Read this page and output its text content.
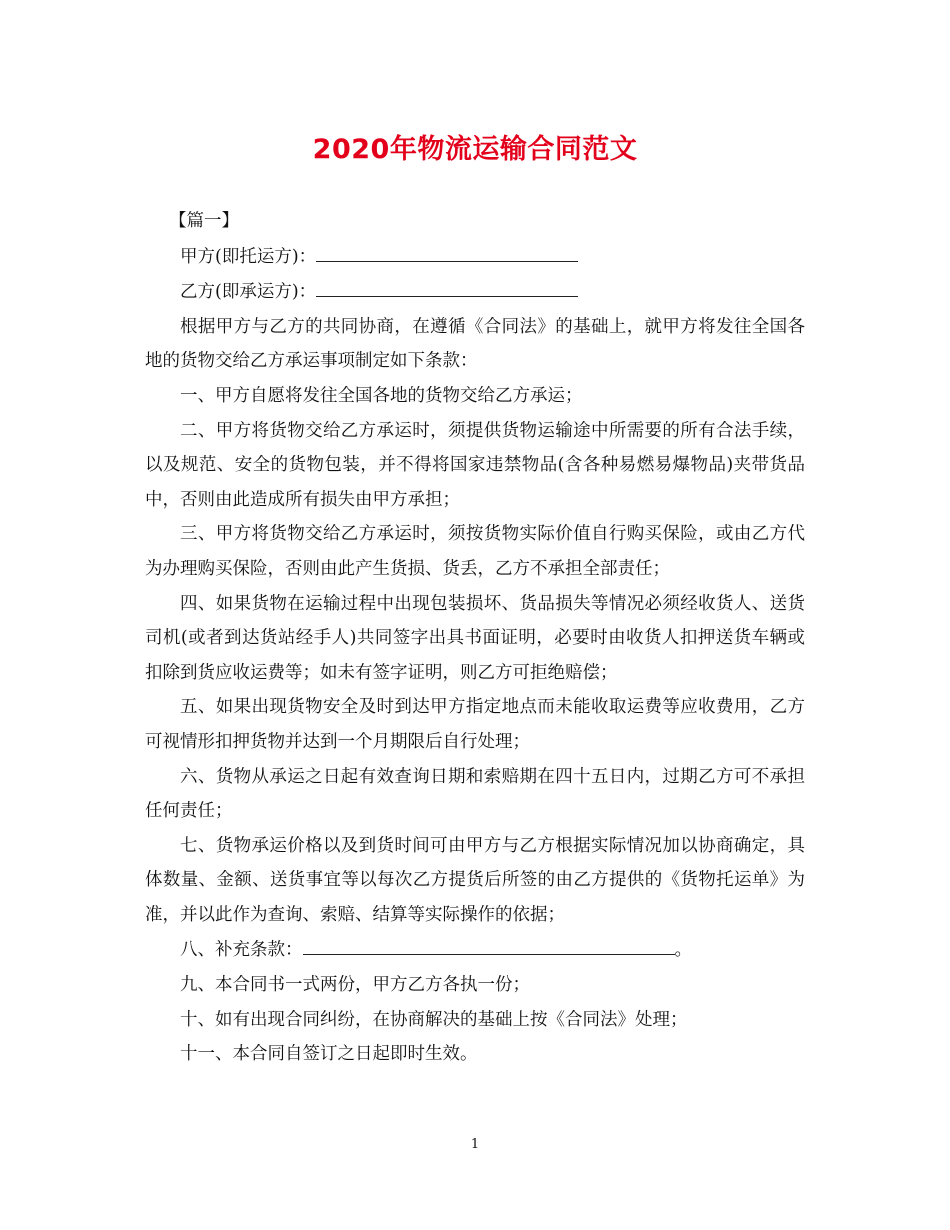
2020年物流运输合同范文

【篇一】

甲方(即托运方)：

乙方(即承运方)：

根据甲方与乙方的共同协商，在遵循《合同法》的基础上，就甲方将发往全国各地的货物交给乙方承运事项制定如下条款：

一、甲方自愿将发往全国各地的货物交给乙方承运；

二、甲方将货物交给乙方承运时，须提供货物运输途中所需要的所有合法手续，以及规范、安全的货物包装，并不得将国家违禁物品(含各种易燃易爆物品)夹带货品中，否则由此造成所有损失由甲方承担；

三、甲方将货物交给乙方承运时，须按货物实际价值自行购买保险，或由乙方代为办理购买保险，否则由此产生货损、货丢，乙方不承担全部责任；

四、如果货物在运输过程中出现包装损坏、货品损失等情况必须经收货人、送货司机(或者到达货站经手人)共同签字出具书面证明，必要时由收货人扣押送货车辆或扣除到货应收运费等；如未有签字证明，则乙方可拒绝赔偿；

五、如果出现货物安全及时到达甲方指定地点而未能收取运费等应收费用，乙方可视情形扣押货物并达到一个月期限后自行处理；

六、货物从承运之日起有效查询日期和索赔期在四十五日内，过期乙方可不承担任何责任；

七、货物承运价格以及到货时间可由甲方与乙方根据实际情况加以协商确定，具体数量、金额、送货事宜等以每次乙方提货后所签的由乙方提供的《货物托运单》为准，并以此作为查询、索赔、结算等实际操作的依据；

八、补充条款：	。

九、本合同书一式两份，甲方乙方各执一份；

十、如有出现合同纠纷，在协商解决的基础上按《合同法》处理；

十一、本合同自签订之日起即时生效。

1
